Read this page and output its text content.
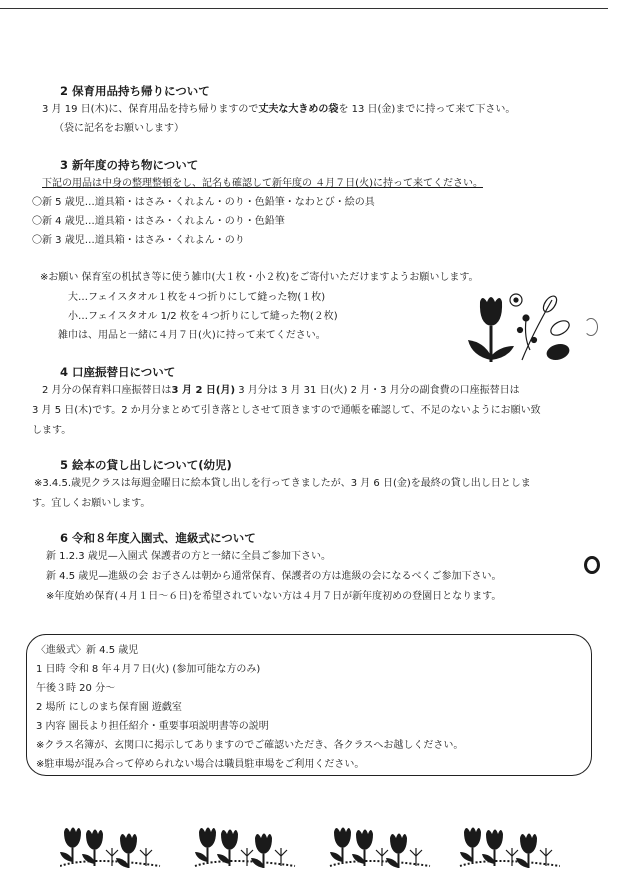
2 保育用品持ち帰りについて
3 月 19 日(木)に、保育用品を持ち帰りますので丈夫な大きめの袋を 13 日(金)までに持って来て下さい。
（袋に記名をお願いします）
3 新年度の持ち物について
下記の用品は中身の整理整頓をし、記名も確認して新年度の ４月７日(火)に持って来てください。
〇新 5 歳児…道具箱・はさみ・くれよん・のり・色鉛筆・なわとび・絵の具
〇新 4 歳児…道具箱・はさみ・くれよん・のり・色鉛筆
〇新 3 歳児…道具箱・はさみ・くれよん・のり
※お願い 保育室の机拭き等に使う雑巾(大１枚・小２枚)をご寄付いただけますようお願いします。
大…フェイスタオル１枚を４つ折りにして縫った物(１枚)
小…フェイスタオル 1/2 枚を４つ折りにして縫った物(２枚)
雑巾は、用品と一緒に４月７日(火)に持って来てください。
4 口座振替日について
2 月分の保育料口座振替日は3 月 2 日(月) 3 月分は 3 月 31 日(火) 2 月・3 月分の副食費の口座振替日は
3 月 5 日(木)です。2 か月分まとめて引き落としさせて頂きますので通帳を確認して、不足のないようにお願い致
します。
5 絵本の貸し出しについて(幼児)
※3.4.5.歳児クラスは毎週金曜日に絵本貸し出しを行ってきましたが、3 月 6 日(金)を最終の貸し出し日としま
す。宜しくお願いします。
6 令和８年度入園式、進級式について
新 1.2.3 歳児—入園式 保護者の方と一緒に全員ご参加下さい。
新 4.5 歳児—進級の会 お子さんは朝から通常保育、保護者の方は進級の会になるべくご参加下さい。
※年度始め保育(４月１日～６日)を希望されていない方は４月７日が新年度初めの登園日となります。
〈進級式〉新 4.5 歳児
1 日時 令和 8 年４月７日(火) (参加可能な方のみ)
午後３時 20 分～
2 場所 にしのまち保育園 遊戯室
3 内容 園長より担任紹介・重要事項説明書等の説明
※クラス名簿が、玄関口に掲示してありますのでご確認いただき、各クラスへお越しください。
※駐車場が混み合って停められない場合は職員駐車場をご利用ください。
